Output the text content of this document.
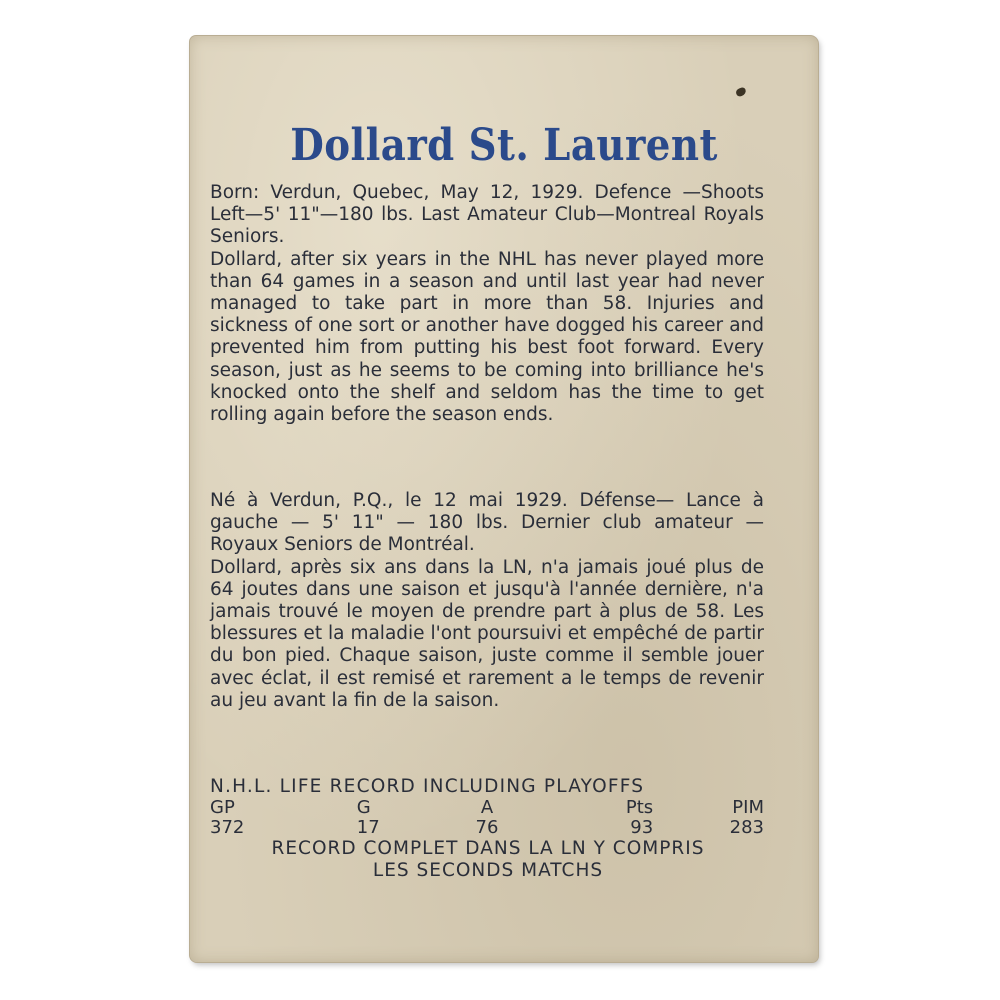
Dollard St. Laurent

Born: Verdun, Quebec, May 12, 1929. Defence —Shoots Left—5' 11"—180 lbs. Last Amateur Club—Montreal Royals Seniors.

Dollard, after six years in the NHL has never played more than 64 games in a season and until last year had never managed to take part in more than 58. Injuries and sickness of one sort or another have dogged his career and prevented him from putting his best foot forward. Every season, just as he seems to be coming into brilliance he's knocked onto the shelf and seldom has the time to get rolling again before the season ends.

Né à Verdun, P.Q., le 12 mai 1929. Défense— Lance à gauche — 5' 11" — 180 lbs. Dernier club amateur — Royaux Seniors de Montréal.

Dollard, après six ans dans la LN, n'a jamais joué plus de 64 joutes dans une saison et jusqu'à l'année dernière, n'a jamais trouvé le moyen de prendre part à plus de 58. Les blessures et la maladie l'ont poursuivi et empêché de partir du bon pied. Chaque saison, juste comme il semble jouer avec éclat, il est remisé et rarement a le temps de revenir au jeu avant la fin de la saison.

N.H.L. LIFE RECORD INCLUDING PLAYOFFS
GP	G	A	Pts	PIM
372	17	76	93	283
RECORD COMPLET DANS LA LN Y COMPRIS
LES SECONDS MATCHS
